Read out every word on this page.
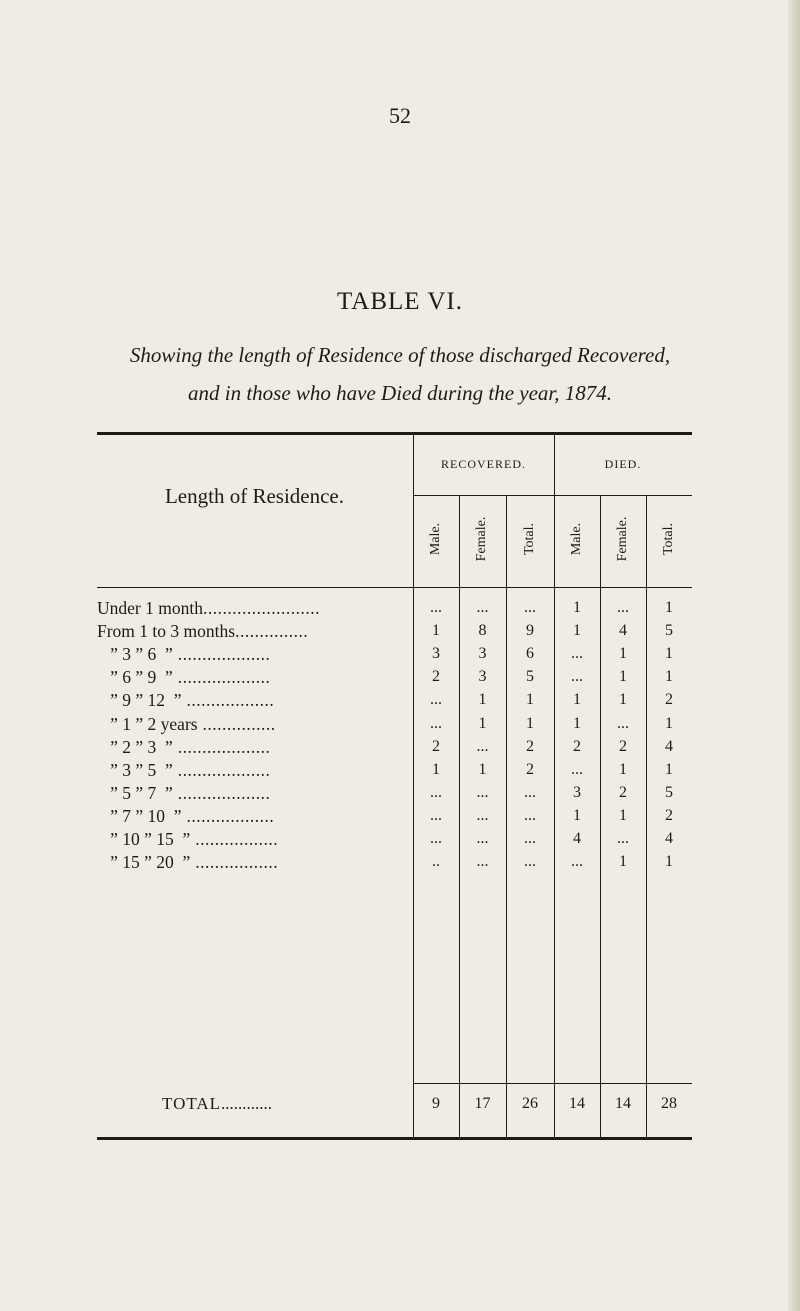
52
TABLE VI.
Showing the length of Residence of those discharged Recovered,
and in those who have Died during the year, 1874.
Length of Residence.
RECOVERED.	DIED.
Male. Female. Total. Male. Female. Total.
Under 1 month........................	...	...	...	1	...	1
From 1 to 3 months...............	1	8	9	1	4	5
” 3 ” 6  ” ...................	3	3	6	...	1	1
” 6 ” 9  ” ...................	2	3	5	...	1	1
” 9 ” 12  ” ..................	...	1	1	1	1	2
” 1 ” 2 years ...............	...	1	1	1	...	1
” 2 ” 3  ” ...................	2	...	2	2	2	4
” 3 ” 5  ” ...................	1	1	2	...	1	1
” 5 ” 7  ” ...................	...	...	...	3	2	5
” 7 ” 10  ” ..................	...	...	...	1	1	2
” 10 ” 15  ” .................	...	...	...	4	...	4
” 15 ” 20  ” .................	..	...	...	...	1	1
TOTAL............	9	17	26	14	14	28
